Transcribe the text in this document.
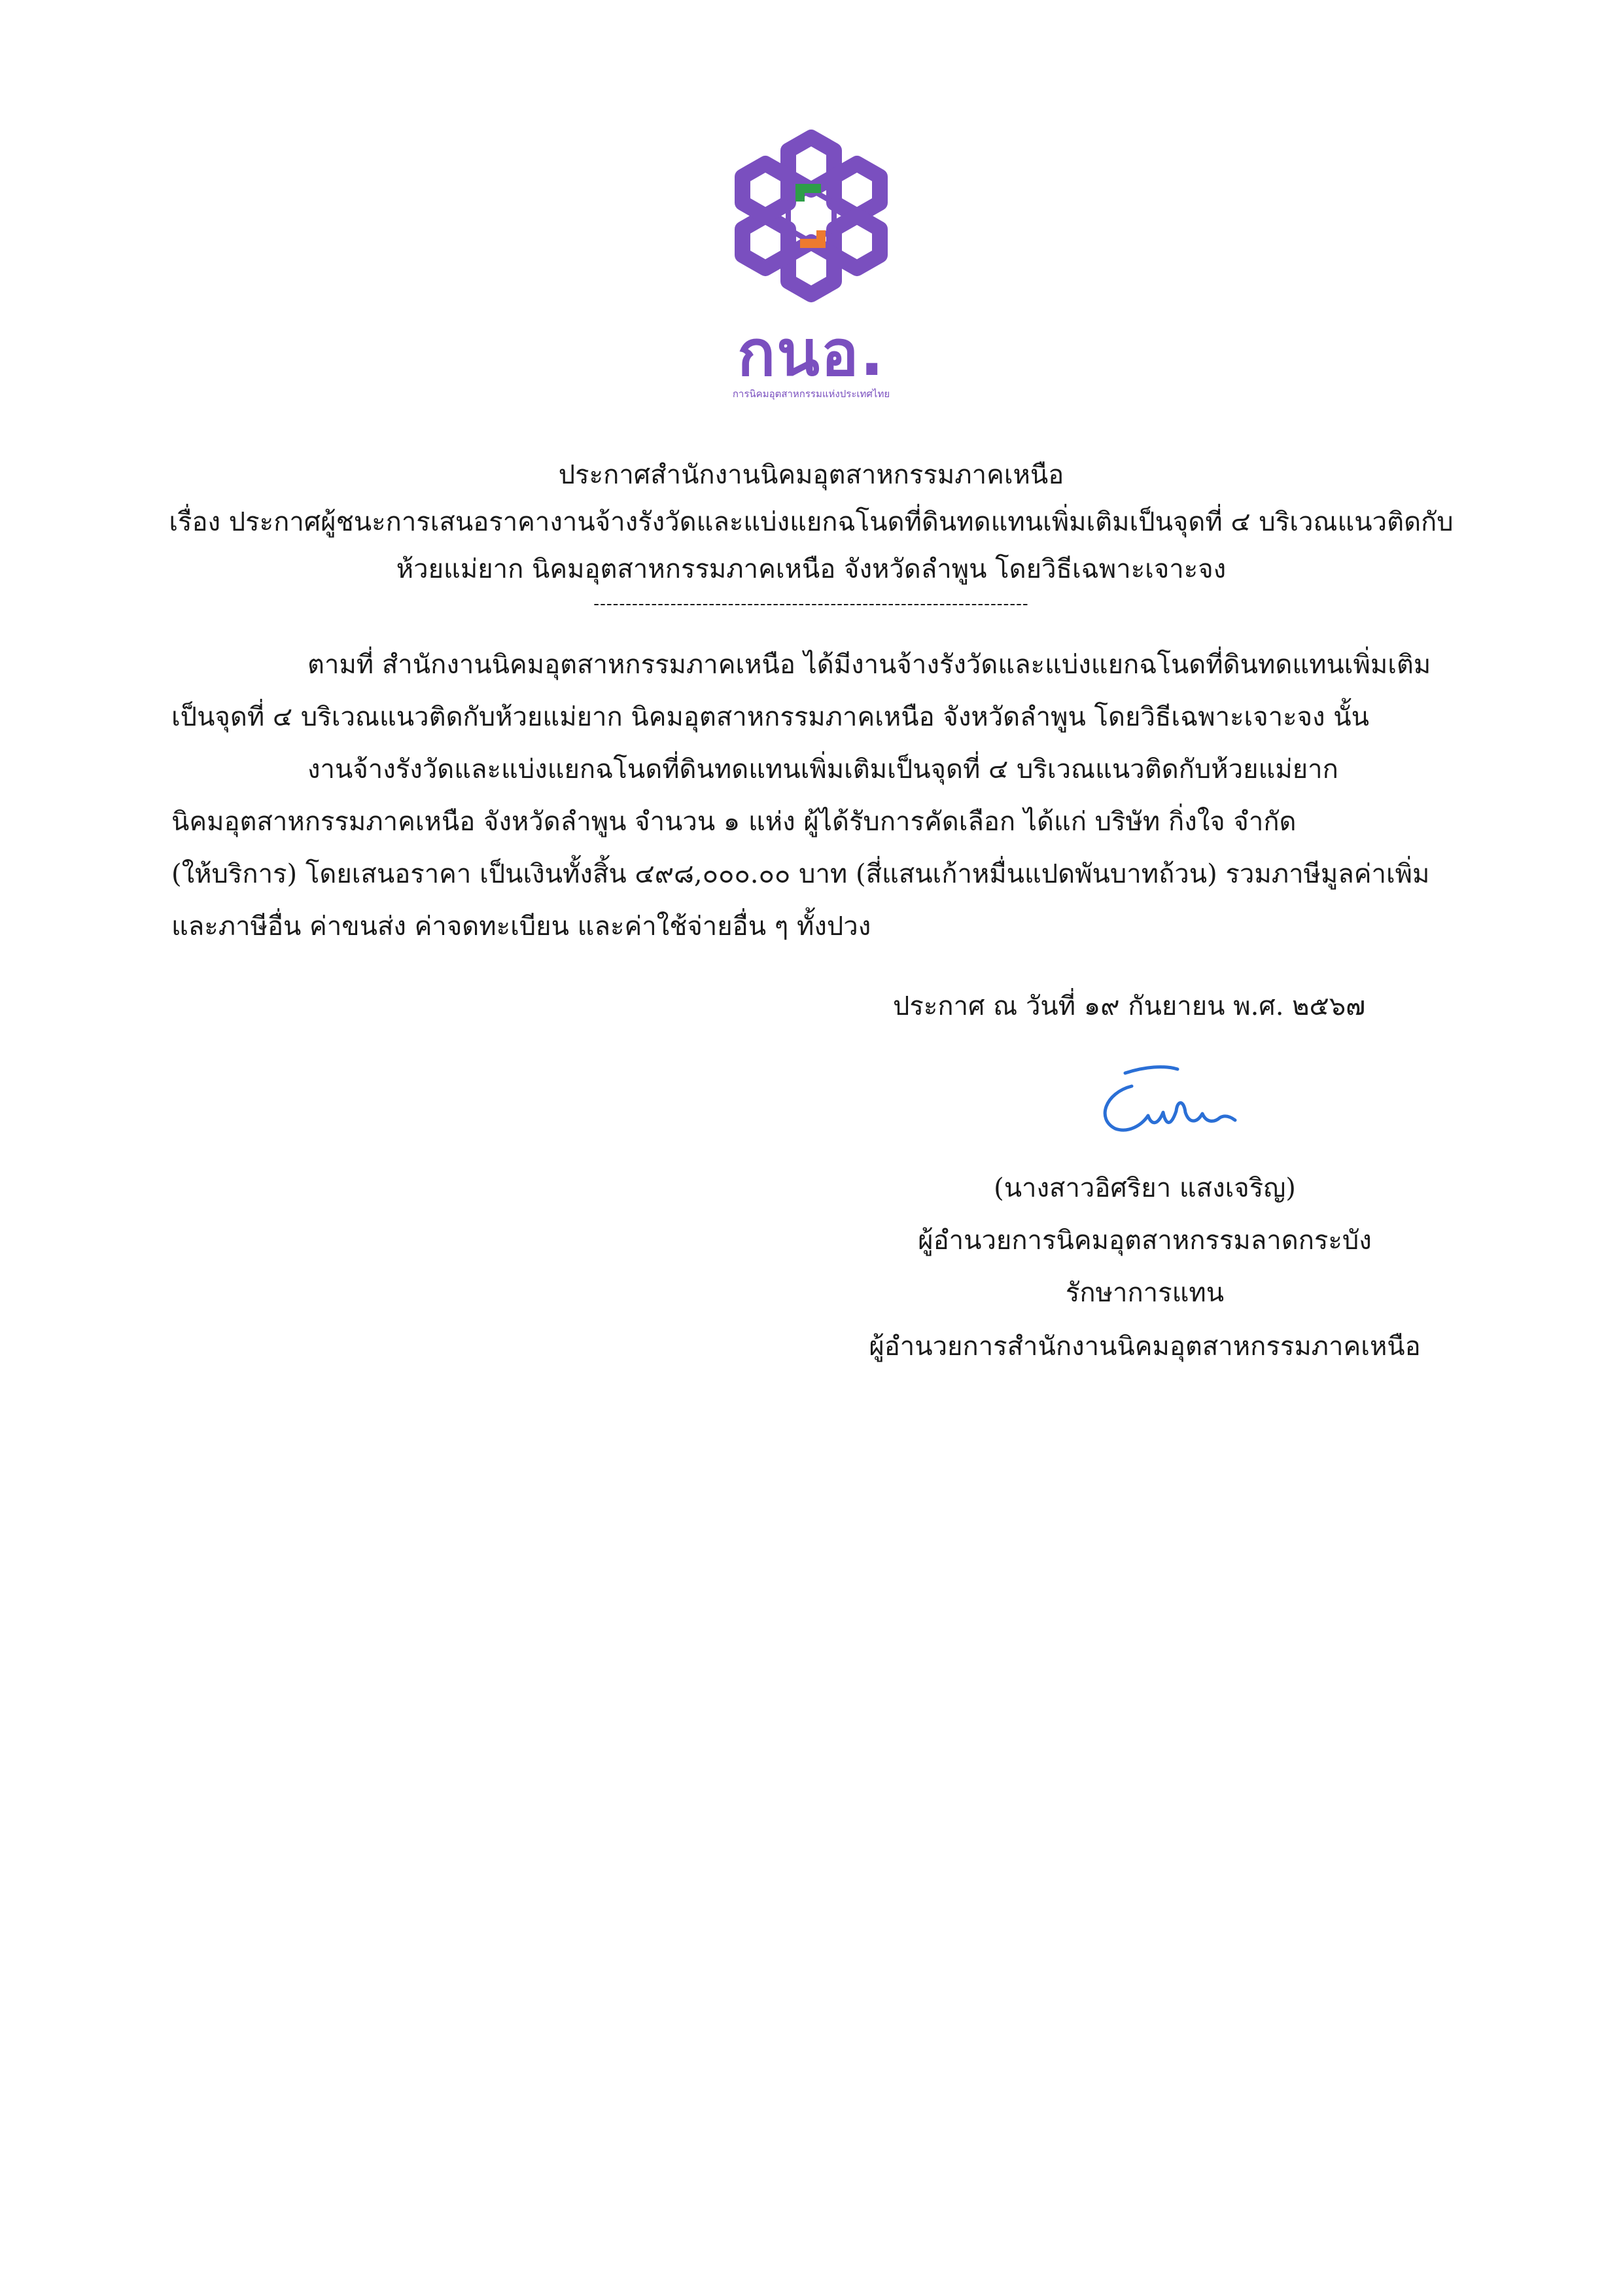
กนอ.
การนิคมอุตสาหกรรมแห่งประเทศไทย
ประกาศสำนักงานนิคมอุตสาหกรรมภาคเหนือ
เรื่อง ประกาศผู้ชนะการเสนอราคางานจ้างรังวัดและแบ่งแยกฉโนดที่ดินทดแทนเพิ่มเติมเป็นจุดที่ ๔ บริเวณแนวติดกับ
ห้วยแม่ยาก นิคมอุตสาหกรรมภาคเหนือ จังหวัดลำพูน โดยวิธีเฉพาะเจาะจง
--------------------------------------------------------------------
ตามที่ สำนักงานนิคมอุตสาหกรรมภาคเหนือ ได้มีงานจ้างรังวัดและแบ่งแยกฉโนดที่ดินทดแทนเพิ่มเติม
เป็นจุดที่ ๔ บริเวณแนวติดกับห้วยแม่ยาก นิคมอุตสาหกรรมภาคเหนือ จังหวัดลำพูน โดยวิธีเฉพาะเจาะจง นั้น
งานจ้างรังวัดและแบ่งแยกฉโนดที่ดินทดแทนเพิ่มเติมเป็นจุดที่ ๔ บริเวณแนวติดกับห้วยแม่ยาก
นิคมอุตสาหกรรมภาคเหนือ จังหวัดลำพูน จำนวน ๑ แห่ง ผู้ได้รับการคัดเลือก ได้แก่ บริษัท กิ่งใจ จำกัด
(ให้บริการ) โดยเสนอราคา เป็นเงินทั้งสิ้น ๔๙๘,๐๐๐.๐๐ บาท (สี่แสนเก้าหมื่นแปดพันบาทถ้วน) รวมภาษีมูลค่าเพิ่ม
และภาษีอื่น ค่าขนส่ง ค่าจดทะเบียน และค่าใช้จ่ายอื่น ๆ ทั้งปวง
ประกาศ ณ วันที่ ๑๙ กันยายน พ.ศ. ๒๕๖๗
(นางสาวอิศริยา แสงเจริญ)
ผู้อำนวยการนิคมอุตสาหกรรมลาดกระบัง
รักษาการแทน
ผู้อำนวยการสำนักงานนิคมอุตสาหกรรมภาคเหนือ
